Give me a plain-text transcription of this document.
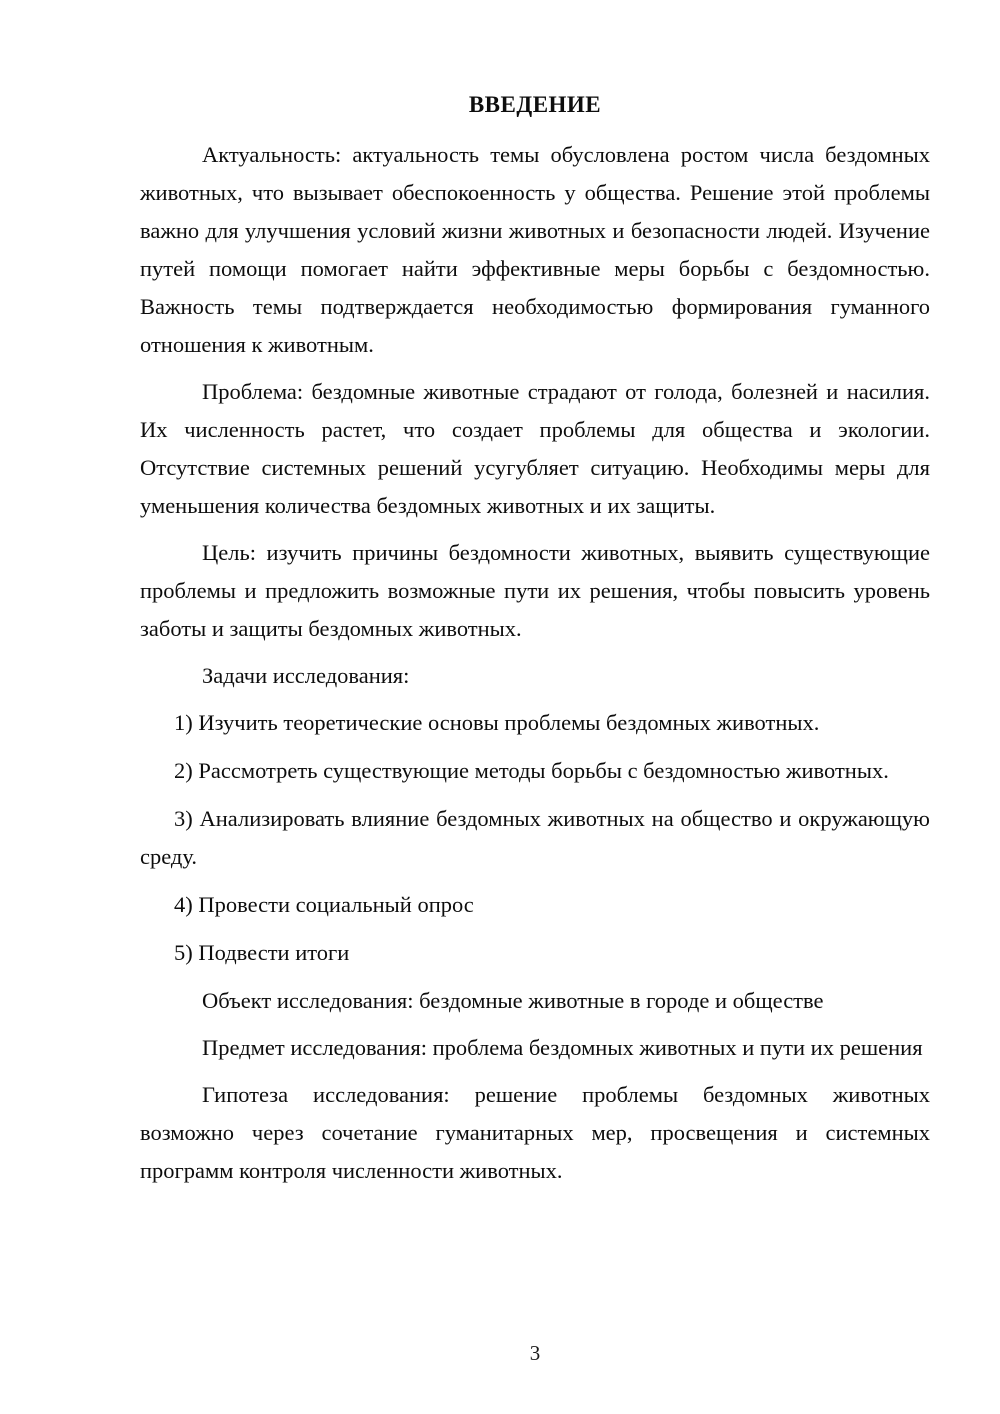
ВВЕДЕНИЕ

Актуальность: актуальность темы обусловлена ростом числа бездомных животных, что вызывает обеспокоенность у общества. Решение этой проблемы важно для улучшения условий жизни животных и безопасности людей. Изучение путей помощи помогает найти эффективные меры борьбы с бездомностью. Важность темы подтверждается необходимостью формирования гуманного отношения к животным.

Проблема: бездомные животные страдают от голода, болезней и насилия. Их численность растет, что создает проблемы для общества и экологии. Отсутствие системных решений усугубляет ситуацию. Необходимы меры для уменьшения количества бездомных животных и их защиты.

Цель: изучить причины бездомности животных, выявить существующие проблемы и предложить возможные пути их решения, чтобы повысить уровень заботы и защиты бездомных животных.

Задачи исследования:

1) Изучить теоретические основы проблемы бездомных животных.

2) Рассмотреть существующие методы борьбы с бездомностью животных.

3) Анализировать влияние бездомных животных на общество и окружающую среду.

4) Провести социальный опрос

5) Подвести итоги

Объект исследования: бездомные животные в городе и обществе

Предмет исследования: проблема бездомных животных и пути их решения

Гипотеза исследования: решение проблемы бездомных животных возможно через сочетание гуманитарных мер, просвещения и системных программ контроля численности животных.

3
